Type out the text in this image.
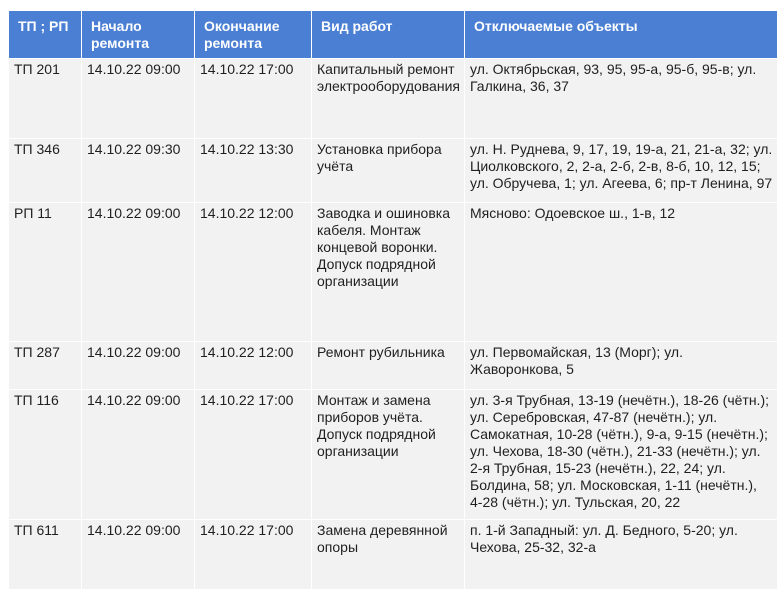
ТП ; РП	Начало ремонта	Окончание ремонта	Вид работ	Отключаемые объекты
ТП 201	14.10.22 09:00	14.10.22 17:00	Капитальный ремонт электрооборудования	ул. Октябрьская, 93, 95, 95-а, 95-б, 95-в; ул. Галкина, 36, 37
ТП 346	14.10.22 09:30	14.10.22 13:30	Установка прибора учёта	ул. Н. Руднева, 9, 17, 19, 19-а, 21, 21-а, 32; ул. Циолковского, 2, 2-а, 2-б, 2-в, 8-б, 10, 12, 15; ул. Обручева, 1; ул. Агеева, 6; пр-т Ленина, 97
РП 11	14.10.22 09:00	14.10.22 12:00	Заводка и ошиновка кабеля. Монтаж концевой воронки. Допуск подрядной организации	Мясново: Одоевское ш., 1-в, 12
ТП 287	14.10.22 09:00	14.10.22 12:00	Ремонт рубильника	ул. Первомайская, 13 (Морг); ул. Жаворонкова, 5
ТП 116	14.10.22 09:00	14.10.22 17:00	Монтаж и замена приборов учёта. Допуск подрядной организации	ул. 3-я Трубная, 13-19 (нечётн.), 18-26 (чётн.); ул. Серебровская, 47-87 (нечётн.); ул. Самокатная, 10-28 (чётн.), 9-а, 9-15 (нечётн.); ул. Чехова, 18-30 (чётн.), 21-33 (нечётн.); ул. 2-я Трубная, 15-23 (нечётн.), 22, 24; ул. Болдина, 58; ул. Московская, 1-11 (нечётн.), 4-28 (чётн.); ул. Тульская, 20, 22
ТП 611	14.10.22 09:00	14.10.22 17:00	Замена деревянной опоры	п. 1-й Западный: ул. Д. Бедного, 5-20; ул. Чехова, 25-32, 32-а
